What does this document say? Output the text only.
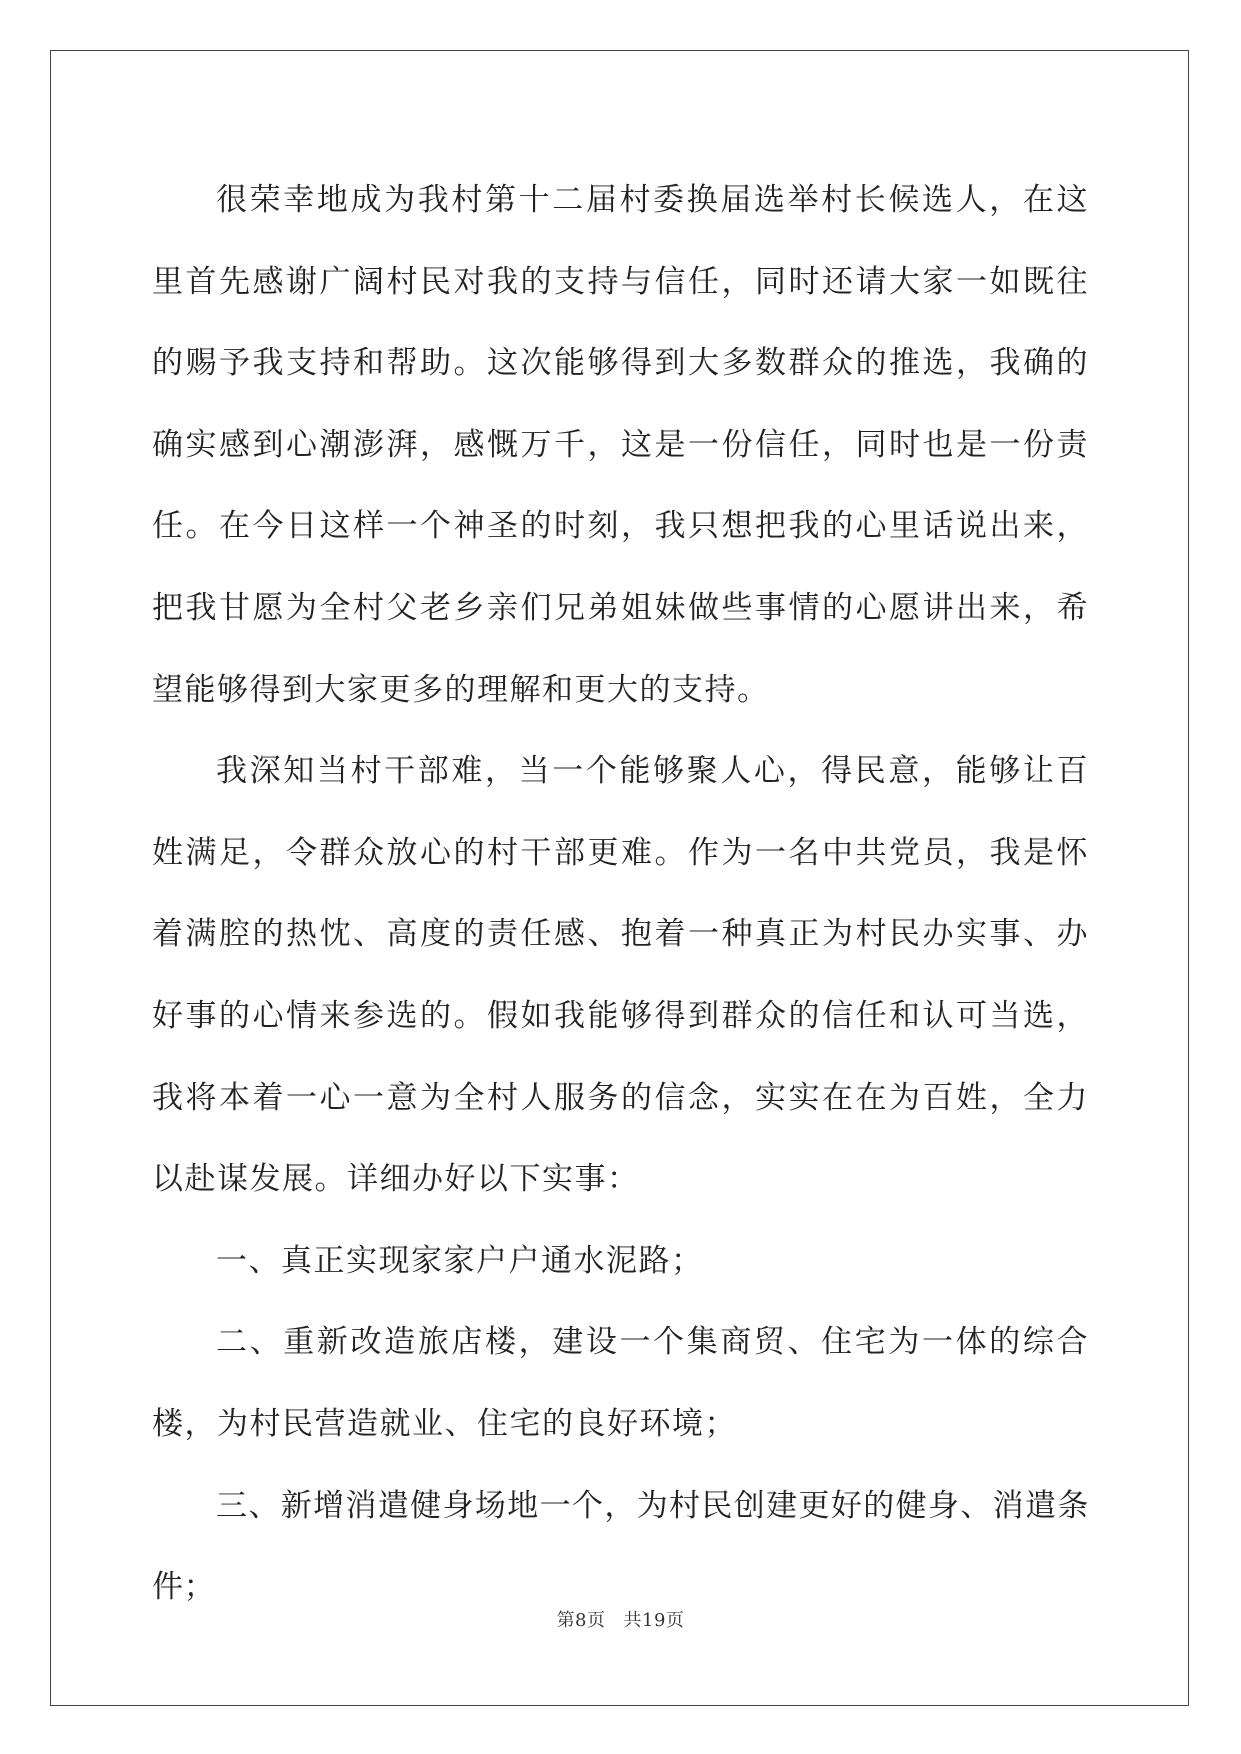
很荣幸地成为我村第十二届村委换届选举村长候选人，在这里首先感谢广阔村民对我的支持与信任，同时还请大家一如既往的赐予我支持和帮助。这次能够得到大多数群众的推选，我确的确实感到心潮澎湃，感慨万千，这是一份信任，同时也是一份责任。在今日这样一个神圣的时刻，我只想把我的心里话说出来，把我甘愿为全村父老乡亲们兄弟姐妹做些事情的心愿讲出来，希望能够得到大家更多的理解和更大的支持。

我深知当村干部难，当一个能够聚人心，得民意，能够让百姓满足，令群众放心的村干部更难。作为一名中共党员，我是怀着满腔的热忱、高度的责任感、抱着一种真正为村民办实事、办好事的心情来参选的。假如我能够得到群众的信任和认可当选，我将本着一心一意为全村人服务的信念，实实在在为百姓，全力以赴谋发展。详细办好以下实事：

一、真正实现家家户户通水泥路；

二、重新改造旅店楼，建设一个集商贸、住宅为一体的综合楼，为村民营造就业、住宅的良好环境；

三、新增消遣健身场地一个，为村民创建更好的健身、消遣条件；

第8页 共19页
